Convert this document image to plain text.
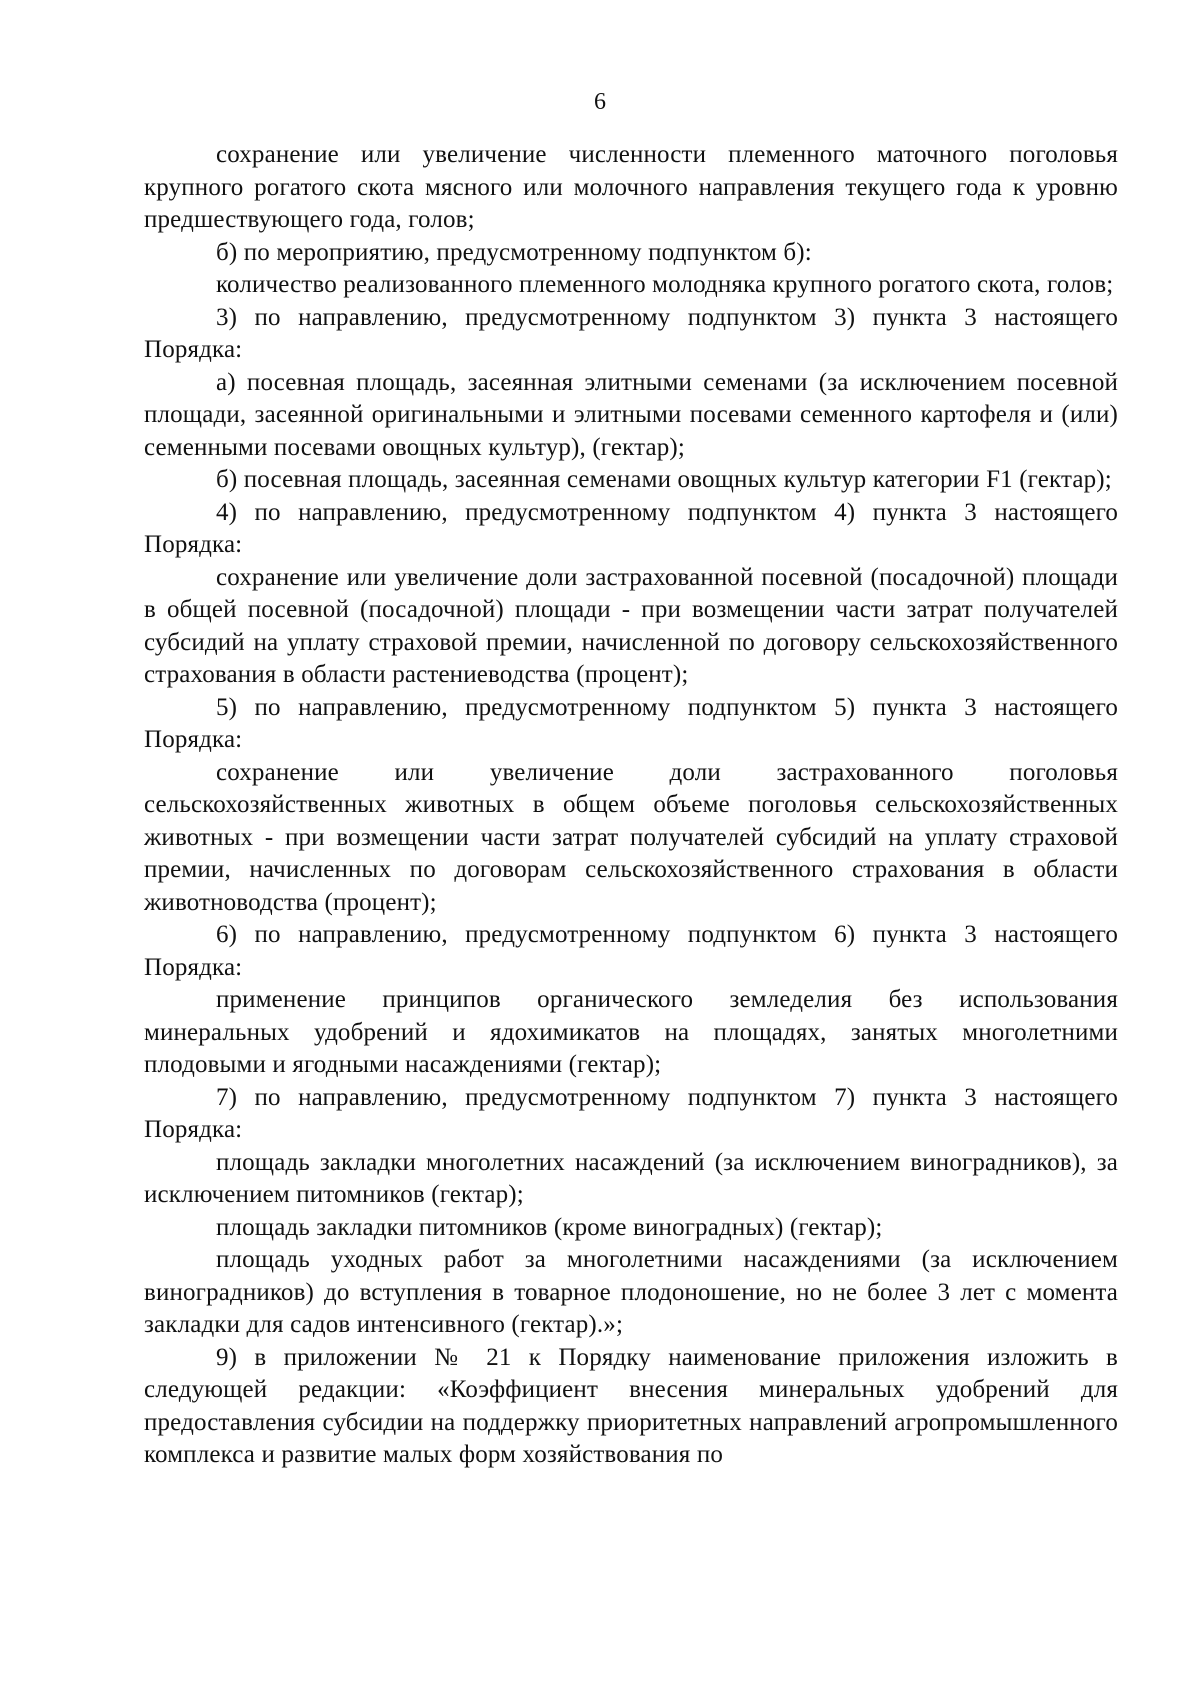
6

сохранение или увеличение численности племенного маточного поголовья крупного рогатого скота мясного или молочного направления текущего года к уровню предшествующего года, голов;

б) по мероприятию, предусмотренному подпунктом б):

количество реализованного племенного молодняка крупного рогатого скота, голов;

3) по направлению, предусмотренному подпунктом 3) пункта 3 настоящего Порядка:

а) посевная площадь, засеянная элитными семенами (за исключением посевной площади, засеянной оригинальными и элитными посевами семенного картофеля и (или) семенными посевами овощных культур), (гектар);

б) посевная площадь, засеянная семенами овощных культур категории F1 (гектар);

4) по направлению, предусмотренному подпунктом 4) пункта 3 настоящего Порядка:

сохранение или увеличение доли застрахованной посевной (посадочной) площади в общей посевной (посадочной) площади - при возмещении части затрат получателей субсидий на уплату страховой премии, начисленной по договору сельскохозяйственного страхования в области растениеводства (процент);

5) по направлению, предусмотренному подпунктом 5) пункта 3 настоящего Порядка:

сохранение или увеличение доли застрахованного поголовья сельскохозяйственных животных в общем объеме поголовья сельскохозяйственных животных - при возмещении части затрат получателей субсидий на уплату страховой премии, начисленных по договорам сельскохозяйственного страхования в области животноводства (процент);

6) по направлению, предусмотренному подпунктом 6) пункта 3 настоящего Порядка:

применение принципов органического земледелия без использования минеральных удобрений и ядохимикатов на площадях, занятых многолетними плодовыми и ягодными насаждениями (гектар);

7) по направлению, предусмотренному подпунктом 7) пункта 3 настоящего Порядка:

площадь закладки многолетних насаждений (за исключением виноградников), за исключением питомников (гектар);

площадь закладки питомников (кроме виноградных) (гектар);

площадь уходных работ за многолетними насаждениями (за исключением виноградников) до вступления в товарное плодоношение, но не более 3 лет с момента закладки для садов интенсивного (гектар).»;

9) в приложении № 21 к Порядку наименование приложения изложить в следующей редакции: «Коэффициент внесения минеральных удобрений для предоставления субсидии на поддержку приоритетных направлений агропромышленного комплекса и развитие малых форм хозяйствования по
